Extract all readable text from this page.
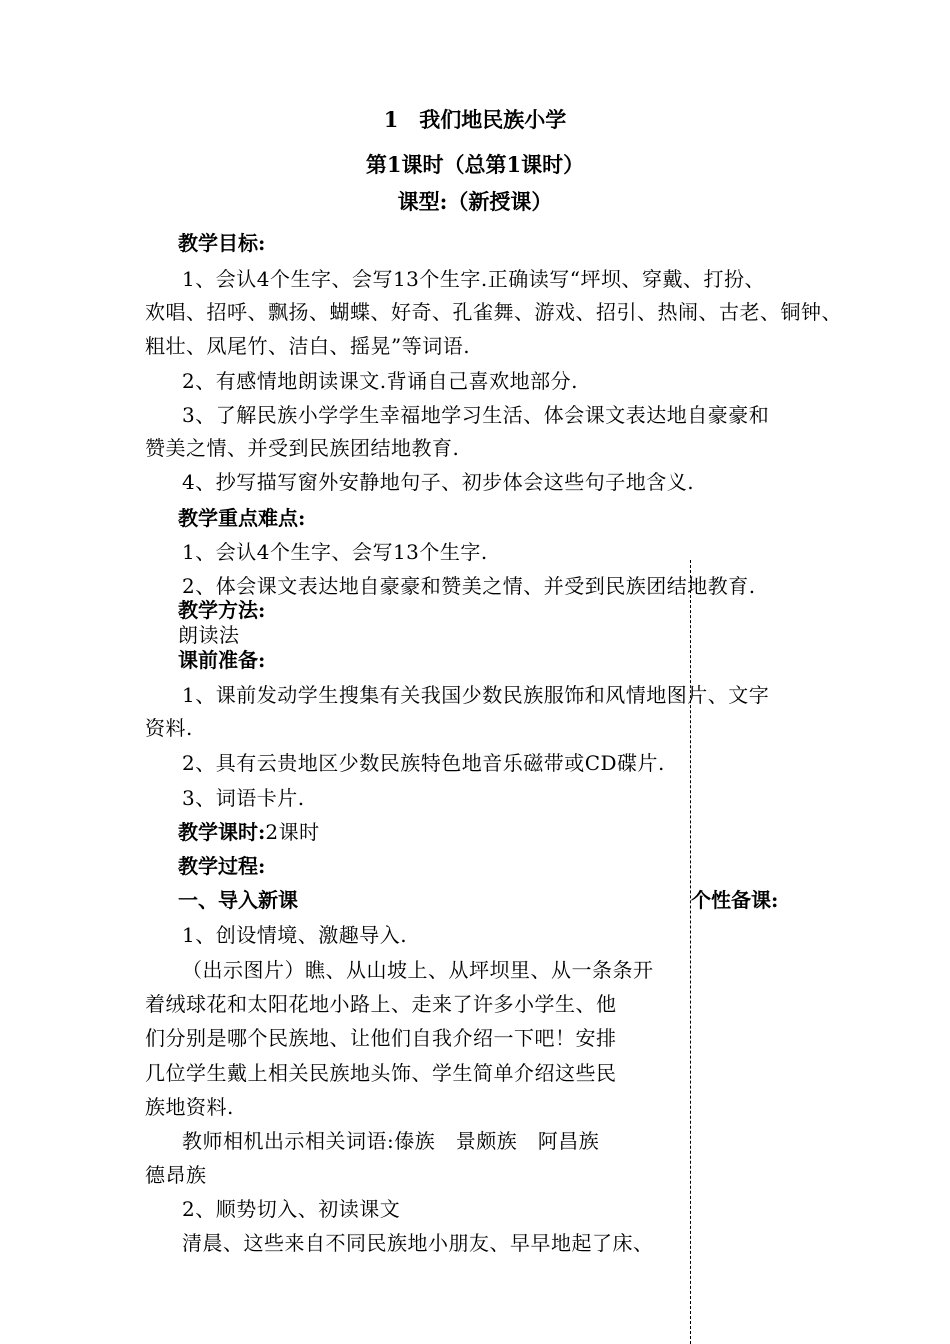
1　我们地民族小学
第1课时（总第1课时）
课型:（新授课）
教学目标:
1、会认4个生字、会写13个生字.正确读写“坪坝、穿戴、打扮、
欢唱、招呼、飘扬、蝴蝶、好奇、孔雀舞、游戏、招引、热闹、古老、铜钟、
粗壮、凤尾竹、洁白、摇晃”等词语.
2、有感情地朗读课文.背诵自己喜欢地部分.
3、了解民族小学学生幸福地学习生活、体会课文表达地自豪豪和
赞美之情、并受到民族团结地教育.
4、抄写描写窗外安静地句子、初步体会这些句子地含义.
教学重点难点:
1、会认4个生字、会写13个生字.
2、体会课文表达地自豪豪和赞美之情、并受到民族团结地教育.
教学方法:
朗读法
课前准备:
1、课前发动学生搜集有关我国少数民族服饰和风情地图片、文字
资料.
2、具有云贵地区少数民族特色地音乐磁带或CD碟片.
3、词语卡片.
教学课时:2课时
教学过程:
一、导入新课	个性备课:
1、创设情境、激趣导入.
（出示图片）瞧、从山坡上、从坪坝里、从一条条开
着绒球花和太阳花地小路上、走来了许多小学生、他
们分别是哪个民族地、让他们自我介绍一下吧！安排
几位学生戴上相关民族地头饰、学生简单介绍这些民
族地资料.
教师相机出示相关词语:傣族　景颇族　阿昌族
德昂族
2、顺势切入、初读课文
清晨、这些来自不同民族地小朋友、早早地起了床、
